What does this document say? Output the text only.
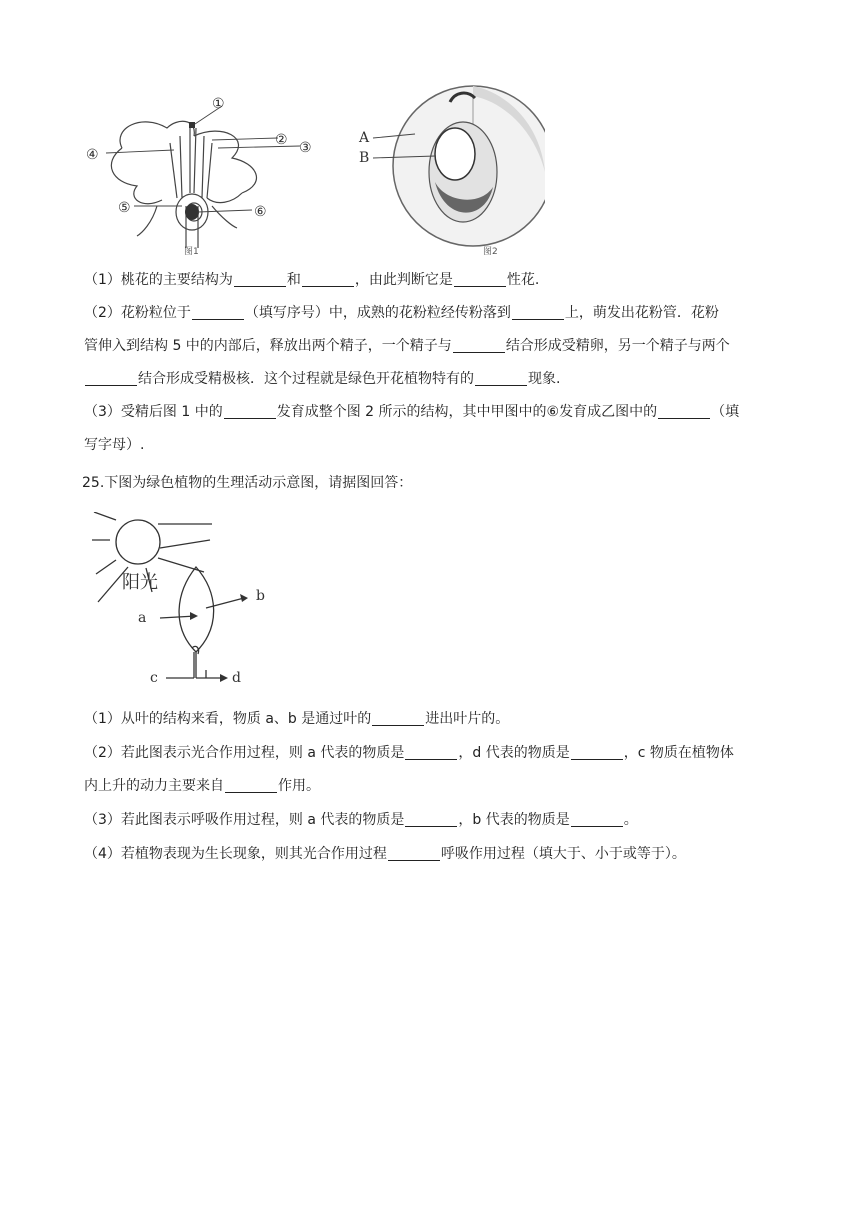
①
② ③
④
⑤	⑥
图1
A
B
图2
（1）桃花的主要结构为	和	，由此判断它是	性花.
（2）花粉粒位于	（填写序号）中，成熟的花粉粒经传粉落到	上，萌发出花粉管．花粉
管伸入到结构 5 中的内部后，释放出两个精子，一个精子与	结合形成受精卵，另一个精子与两个
结合形成受精极核．这个过程就是绿色开花植物特有的	现象.
（3）受精后图 1 中的	发育成整个图 2 所示的结构，其中甲图中的⑥发育成乙图中的	（填
写字母）.
25.下图为绿色植物的生理活动示意图，请据图回答：
阳光
a
b
c	d
（1）从叶的结构来看，物质 a、b 是通过叶的	进出叶片的。
（2）若此图表示光合作用过程，则 a 代表的物质是	，d 代表的物质是	，c 物质在植物体
内上升的动力主要来自	作用。
（3）若此图表示呼吸作用过程，则 a 代表的物质是	，b 代表的物质是	。
（4）若植物表现为生长现象，则其光合作用过程	呼吸作用过程（填大于、小于或等于）。
